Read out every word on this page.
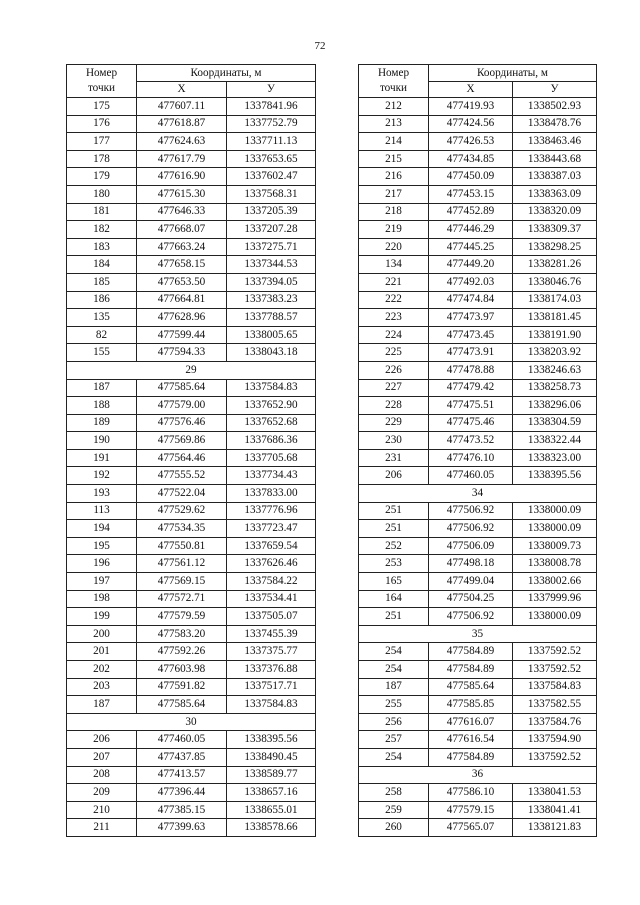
72
Номер
точки	Координаты, м	
	X	У
175	477607.11	1337841.96
176	477618.87	1337752.79
177	477624.63	1337711.13
178	477617.79	1337653.65
179	477616.90	1337602.47
180	477615.30	1337568.31
181	477646.33	1337205.39
182	477668.07	1337207.28
183	477663.24	1337275.71
184	477658.15	1337344.53
185	477653.50	1337394.05
186	477664.81	1337383.23
135	477628.96	1337788.57
82	477599.44	1338005.65
155	477594.33	1338043.18
29		
187	477585.64	1337584.83
188	477579.00	1337652.90
189	477576.46	1337652.68
190	477569.86	1337686.36
191	477564.46	1337705.68
192	477555.52	1337734.43
193	477522.04	1337833.00
113	477529.62	1337776.96
194	477534.35	1337723.47
195	477550.81	1337659.54
196	477561.12	1337626.46
197	477569.15	1337584.22
198	477572.71	1337534.41
199	477579.59	1337505.07
200	477583.20	1337455.39
201	477592.26	1337375.77
202	477603.98	1337376.88
203	477591.82	1337517.71
187	477585.64	1337584.83
30		
206	477460.05	1338395.56
207	477437.85	1338490.45
208	477413.57	1338589.77
209	477396.44	1338657.16
210	477385.15	1338655.01
211	477399.63	1338578.66
Номер
точки	Координаты, м	
	X	У
212	477419.93	1338502.93
213	477424.56	1338478.76
214	477426.53	1338463.46
215	477434.85	1338443.68
216	477450.09	1338387.03
217	477453.15	1338363.09
218	477452.89	1338320.09
219	477446.29	1338309.37
220	477445.25	1338298.25
134	477449.20	1338281.26
221	477492.03	1338046.76
222	477474.84	1338174.03
223	477473.97	1338181.45
224	477473.45	1338191.90
225	477473.91	1338203.92
226	477478.88	1338246.63
227	477479.42	1338258.73
228	477475.51	1338296.06
229	477475.46	1338304.59
230	477473.52	1338322.44
231	477476.10	1338323.00
206	477460.05	1338395.56
34		
251	477506.92	1338000.09
251	477506.92	1338000.09
252	477506.09	1338009.73
253	477498.18	1338008.78
165	477499.04	1338002.66
164	477504.25	1337999.96
251	477506.92	1338000.09
35		
254	477584.89	1337592.52
254	477584.89	1337592.52
187	477585.64	1337584.83
255	477585.85	1337582.55
256	477616.07	1337584.76
257	477616.54	1337594.90
254	477584.89	1337592.52
36		
258	477586.10	1338041.53
259	477579.15	1338041.41
260	477565.07	1338121.83
